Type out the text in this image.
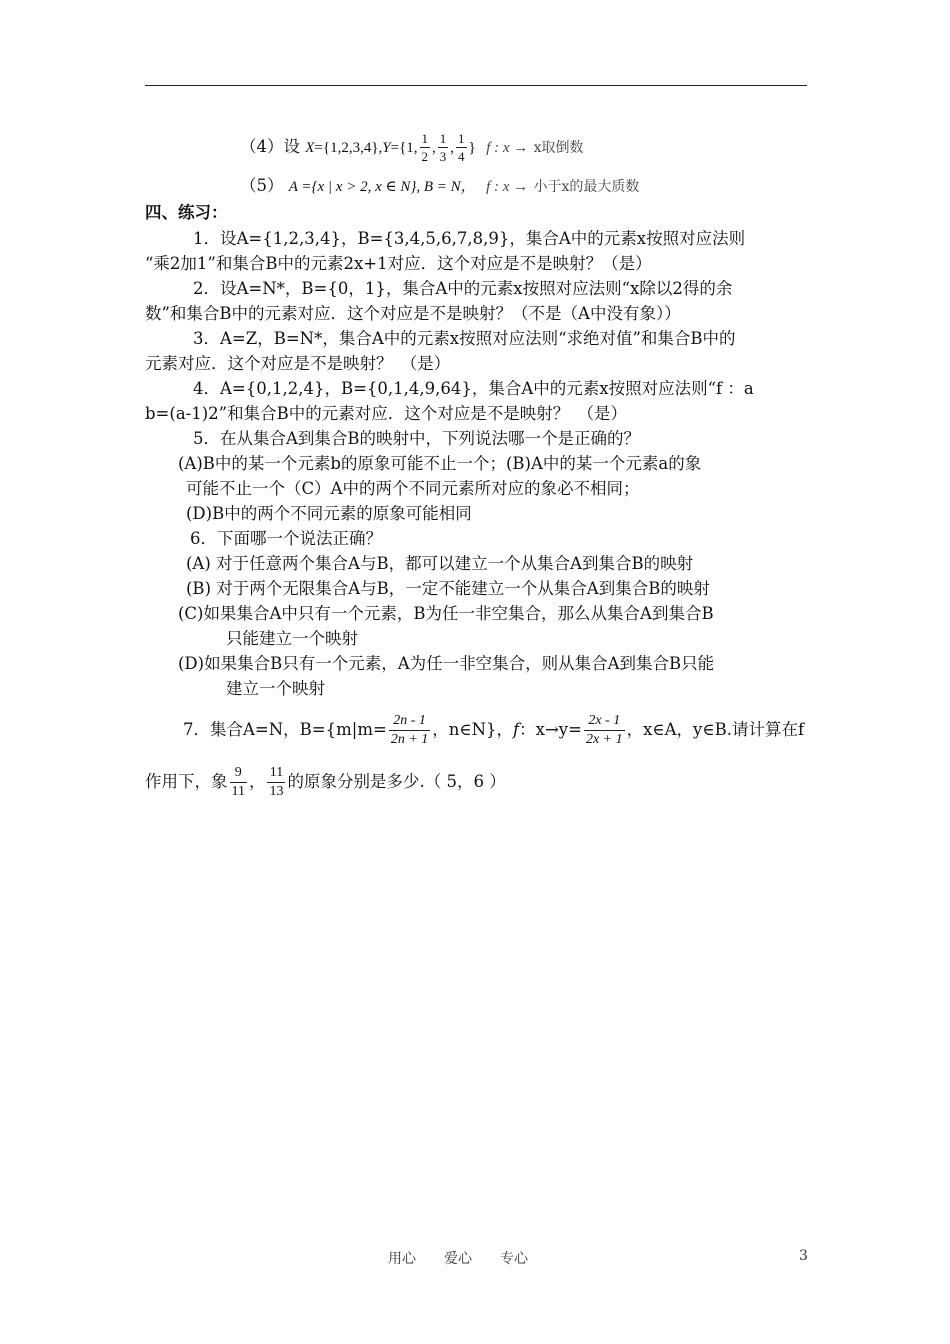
（4）设 X={1,2,3,4},Y={1, $\frac{1}{2}$ , $\frac{1}{3}$ , $\frac{1}{4}$ } f : x → x取倒数
（5） A ={x | x > 2, x ∈ N}, B = N， f : x → 小于x的最大质数
四、练习：
1．设A={1,2,3,4}，B={3,4,5,6,7,8,9}，集合A中的元素x按照对应法则
“乘2加1”和集合B中的元素2x+1对应．这个对应是不是映射？（是）
2．设A=N*，B={0，1}，集合A中的元素x按照对应法则“x除以2得的余
数”和集合B中的元素对应．这个对应是不是映射？（不是（A中没有象））
3．A=Z，B=N*，集合A中的元素x按照对应法则“求绝对值”和集合B中的
元素对应．这个对应是不是映射？　（是）
4．A={0,1,2,4}，B={0,1,4,9,64}，集合A中的元素x按照对应法则“f ：a
b=(a-1)2”和集合B中的元素对应．这个对应是不是映射？　（是）
5．在从集合A到集合B的映射中，下列说法哪一个是正确的？
(A)B中的某一个元素b的原象可能不止一个；(B)A中的某一个元素a的象
可能不止一个（C）A中的两个不同元素所对应的象必不相同；
(D)B中的两个不同元素的原象可能相同
6．下面哪一个说法正确？
(A) 对于任意两个集合A与B，都可以建立一个从集合A到集合B的映射
(B) 对于两个无限集合A与B，一定不能建立一个从集合A到集合B的映射
(C)如果集合A中只有一个元素，B为任一非空集合，那么从集合A到集合B
只能建立一个映射
(D)如果集合B只有一个元素，A为任一非空集合，则从集合A到集合B只能
建立一个映射
7．集合A=N，$B=\{m|m= \frac{2n - 1}{2n + 1}$ ，n∈N}，f：$x\to y= \frac{2x - 1}{2x + 1}$ ，x∈A，y∈B.请计算在f
作用下，象 $\frac{9}{11}$ ， $\frac{11}{13}$ 的原象分别是多少.（ 5，6 ）
用心　　爱心　　专心	3
